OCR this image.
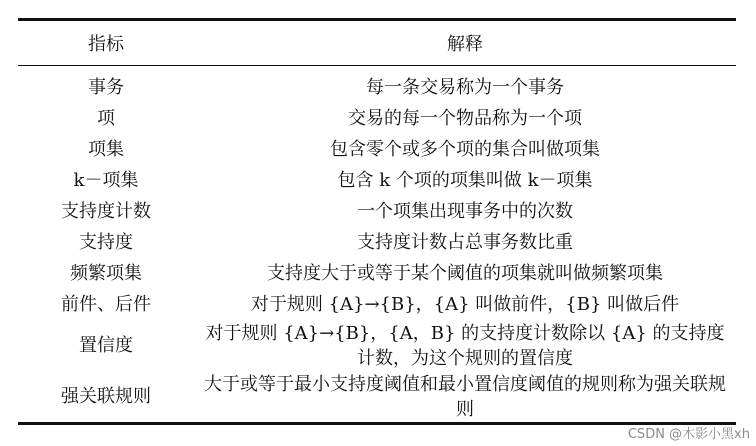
指标	解释
事务	每一条交易称为一个事务
项	交易的每一个物品称为一个项
项集	包含零个或多个项的集合叫做项集
k－项集	包含 k 个项的项集叫做 k－项集
支持度计数	一个项集出现事务中的次数
支持度	支持度计数占总事务数比重
频繁项集	支持度大于或等于某个阈值的项集就叫做频繁项集
前件、后件	对于规则 {A}→{B}，{A} 叫做前件，{B} 叫做后件
置信度	对于规则 {A}→{B}，{A，B} 的支持度计数除以 {A} 的支持度计数，为这个规则的置信度
强关联规则	大于或等于最小支持度阈值和最小置信度阈值的规则称为强关联规则
CSDN @木影小黑xh
